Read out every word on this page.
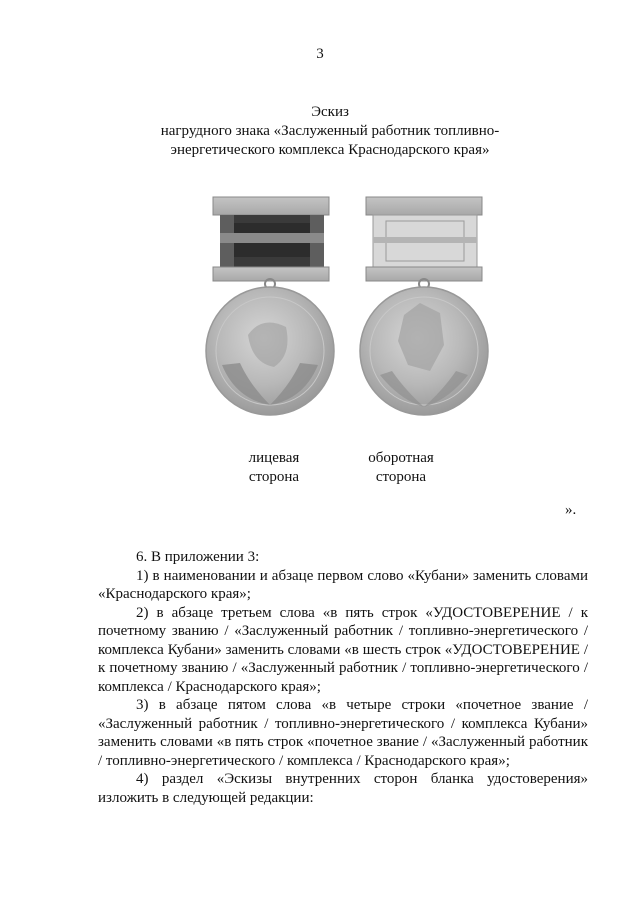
3
Эскиз
нагрудного знака «Заслуженный работник топливно-
энергетического комплекса Краснодарского края»
лицевая
сторона
оборотная
сторона
».

6. В приложении 3:

1) в наименовании и абзаце первом слово «Кубани» заменить словами «Краснодарского края»;

2) в абзаце третьем слова «в пять строк «УДОСТОВЕРЕНИЕ / к почетному званию / «Заслуженный работник / топливно-энергетического / комплекса Кубани» заменить словами «в шесть строк «УДОСТОВЕРЕНИЕ / к почетному званию / «Заслуженный работник / топливно-энергетического / комплекса / Краснодарского края»;

3) в абзаце пятом слова «в четыре строки «почетное звание / «Заслуженный работник / топливно-энергетического / комплекса Кубани» заменить словами «в пять строк «почетное звание / «Заслуженный работник / топливно-энергетического / комплекса / Краснодарского края»;

4) раздел «Эскизы внутренних сторон бланка удостоверения» изложить в следующей редакции:
